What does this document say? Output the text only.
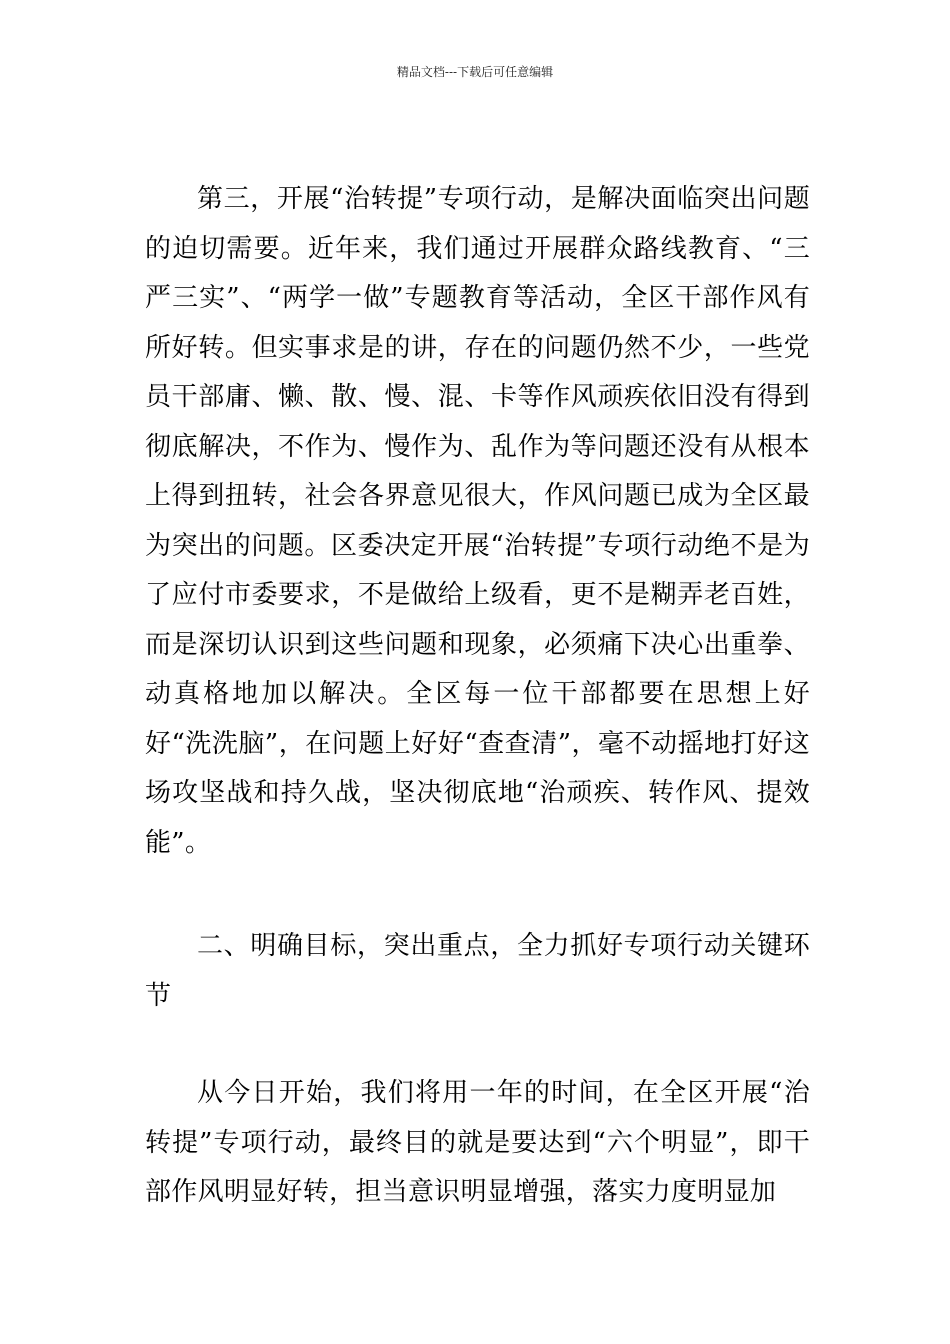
精品文档---下载后可任意编辑

第三，开展“治转提”专项行动，是解决面临突出问题的迫切需要。近年来，我们通过开展群众路线教育、“三严三实”、“两学一做”专题教育等活动，全区干部作风有所好转。但实事求是的讲，存在的问题仍然不少，一些党员干部庸、懒、散、慢、混、卡等作风顽疾依旧没有得到彻底解决，不作为、慢作为、乱作为等问题还没有从根本上得到扭转，社会各界意见很大，作风问题已成为全区最为突出的问题。区委决定开展“治转提”专项行动绝不是为了应付市委要求，不是做给上级看，更不是糊弄老百姓，而是深切认识到这些问题和现象，必须痛下决心出重拳、动真格地加以解决。全区每一位干部都要在思想上好好“洗洗脑”，在问题上好好“查查清”，毫不动摇地打好这场攻坚战和持久战，坚决彻底地“治顽疾、转作风、提效能”。

二、明确目标，突出重点，全力抓好专项行动关键环节

从今日开始，我们将用一年的时间，在全区开展“治转提”专项行动，最终目的就是要达到“六个明显”，即干部作风明显好转，担当意识明显增强，落实力度明显加
